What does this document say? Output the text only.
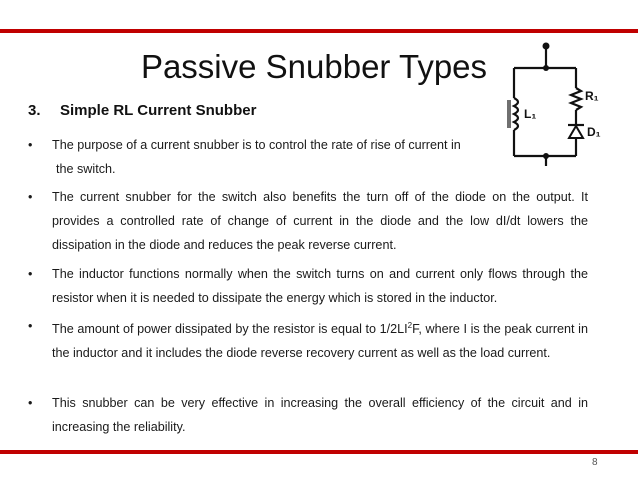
Passive Snubber Types
L₁
R₁
D₁
3. Simple RL Current Snubber
• The purpose of a current snubber is to control the rate of rise of current in
the switch.
• The current snubber for the switch also benefits the turn off of the diode on the output. It provides a controlled rate of change of current in the diode and the low dI/dt lowers the dissipation in the diode and reduces the peak reverse current.
• The inductor functions normally when the switch turns on and current only flows through the resistor when it is needed to dissipate the energy which is stored in the inductor.
• The amount of power dissipated by the resistor is equal to $1/2LI^2F$, where I is the peak current in the inductor and it includes the diode reverse recovery current as well as the load current.
• This snubber can be very effective in increasing the overall efficiency of the circuit and in increasing the reliability.
8
